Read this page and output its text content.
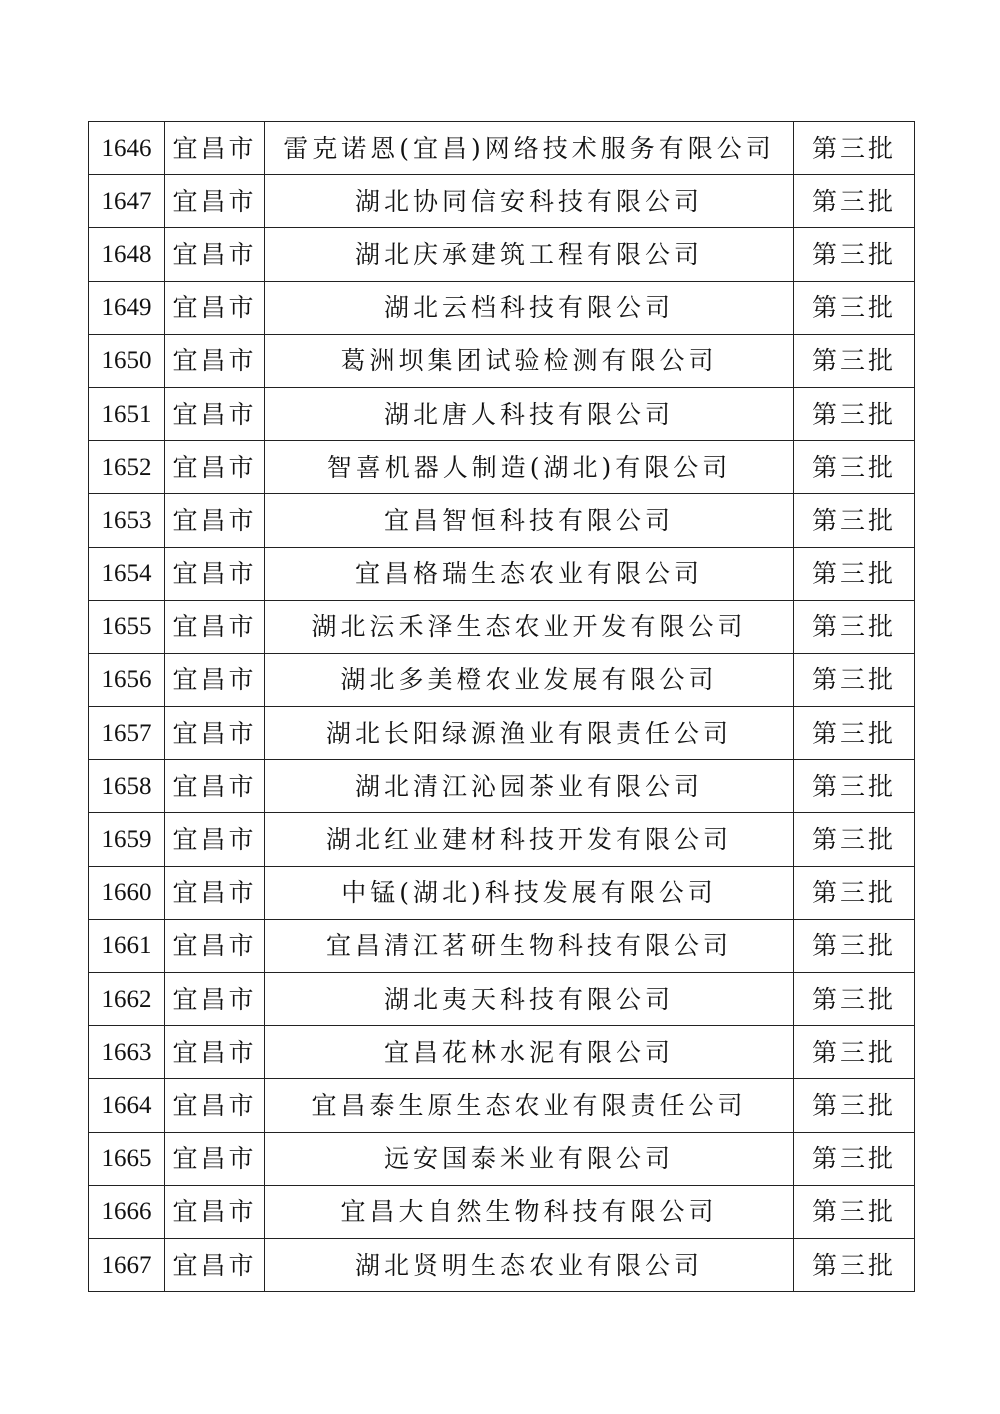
1646	宜昌市	雷克诺恩(宜昌)网络技术服务有限公司	第三批
1647	宜昌市	湖北协同信安科技有限公司	第三批
1648	宜昌市	湖北庆承建筑工程有限公司	第三批
1649	宜昌市	湖北云档科技有限公司	第三批
1650	宜昌市	葛洲坝集团试验检测有限公司	第三批
1651	宜昌市	湖北唐人科技有限公司	第三批
1652	宜昌市	智喜机器人制造(湖北)有限公司	第三批
1653	宜昌市	宜昌智恒科技有限公司	第三批
1654	宜昌市	宜昌格瑞生态农业有限公司	第三批
1655	宜昌市	湖北沄禾泽生态农业开发有限公司	第三批
1656	宜昌市	湖北多美橙农业发展有限公司	第三批
1657	宜昌市	湖北长阳绿源渔业有限责任公司	第三批
1658	宜昌市	湖北清江沁园茶业有限公司	第三批
1659	宜昌市	湖北红业建材科技开发有限公司	第三批
1660	宜昌市	中锰(湖北)科技发展有限公司	第三批
1661	宜昌市	宜昌清江茗研生物科技有限公司	第三批
1662	宜昌市	湖北夷天科技有限公司	第三批
1663	宜昌市	宜昌花林水泥有限公司	第三批
1664	宜昌市	宜昌泰生原生态农业有限责任公司	第三批
1665	宜昌市	远安国泰米业有限公司	第三批
1666	宜昌市	宜昌大自然生物科技有限公司	第三批
1667	宜昌市	湖北贤明生态农业有限公司	第三批
